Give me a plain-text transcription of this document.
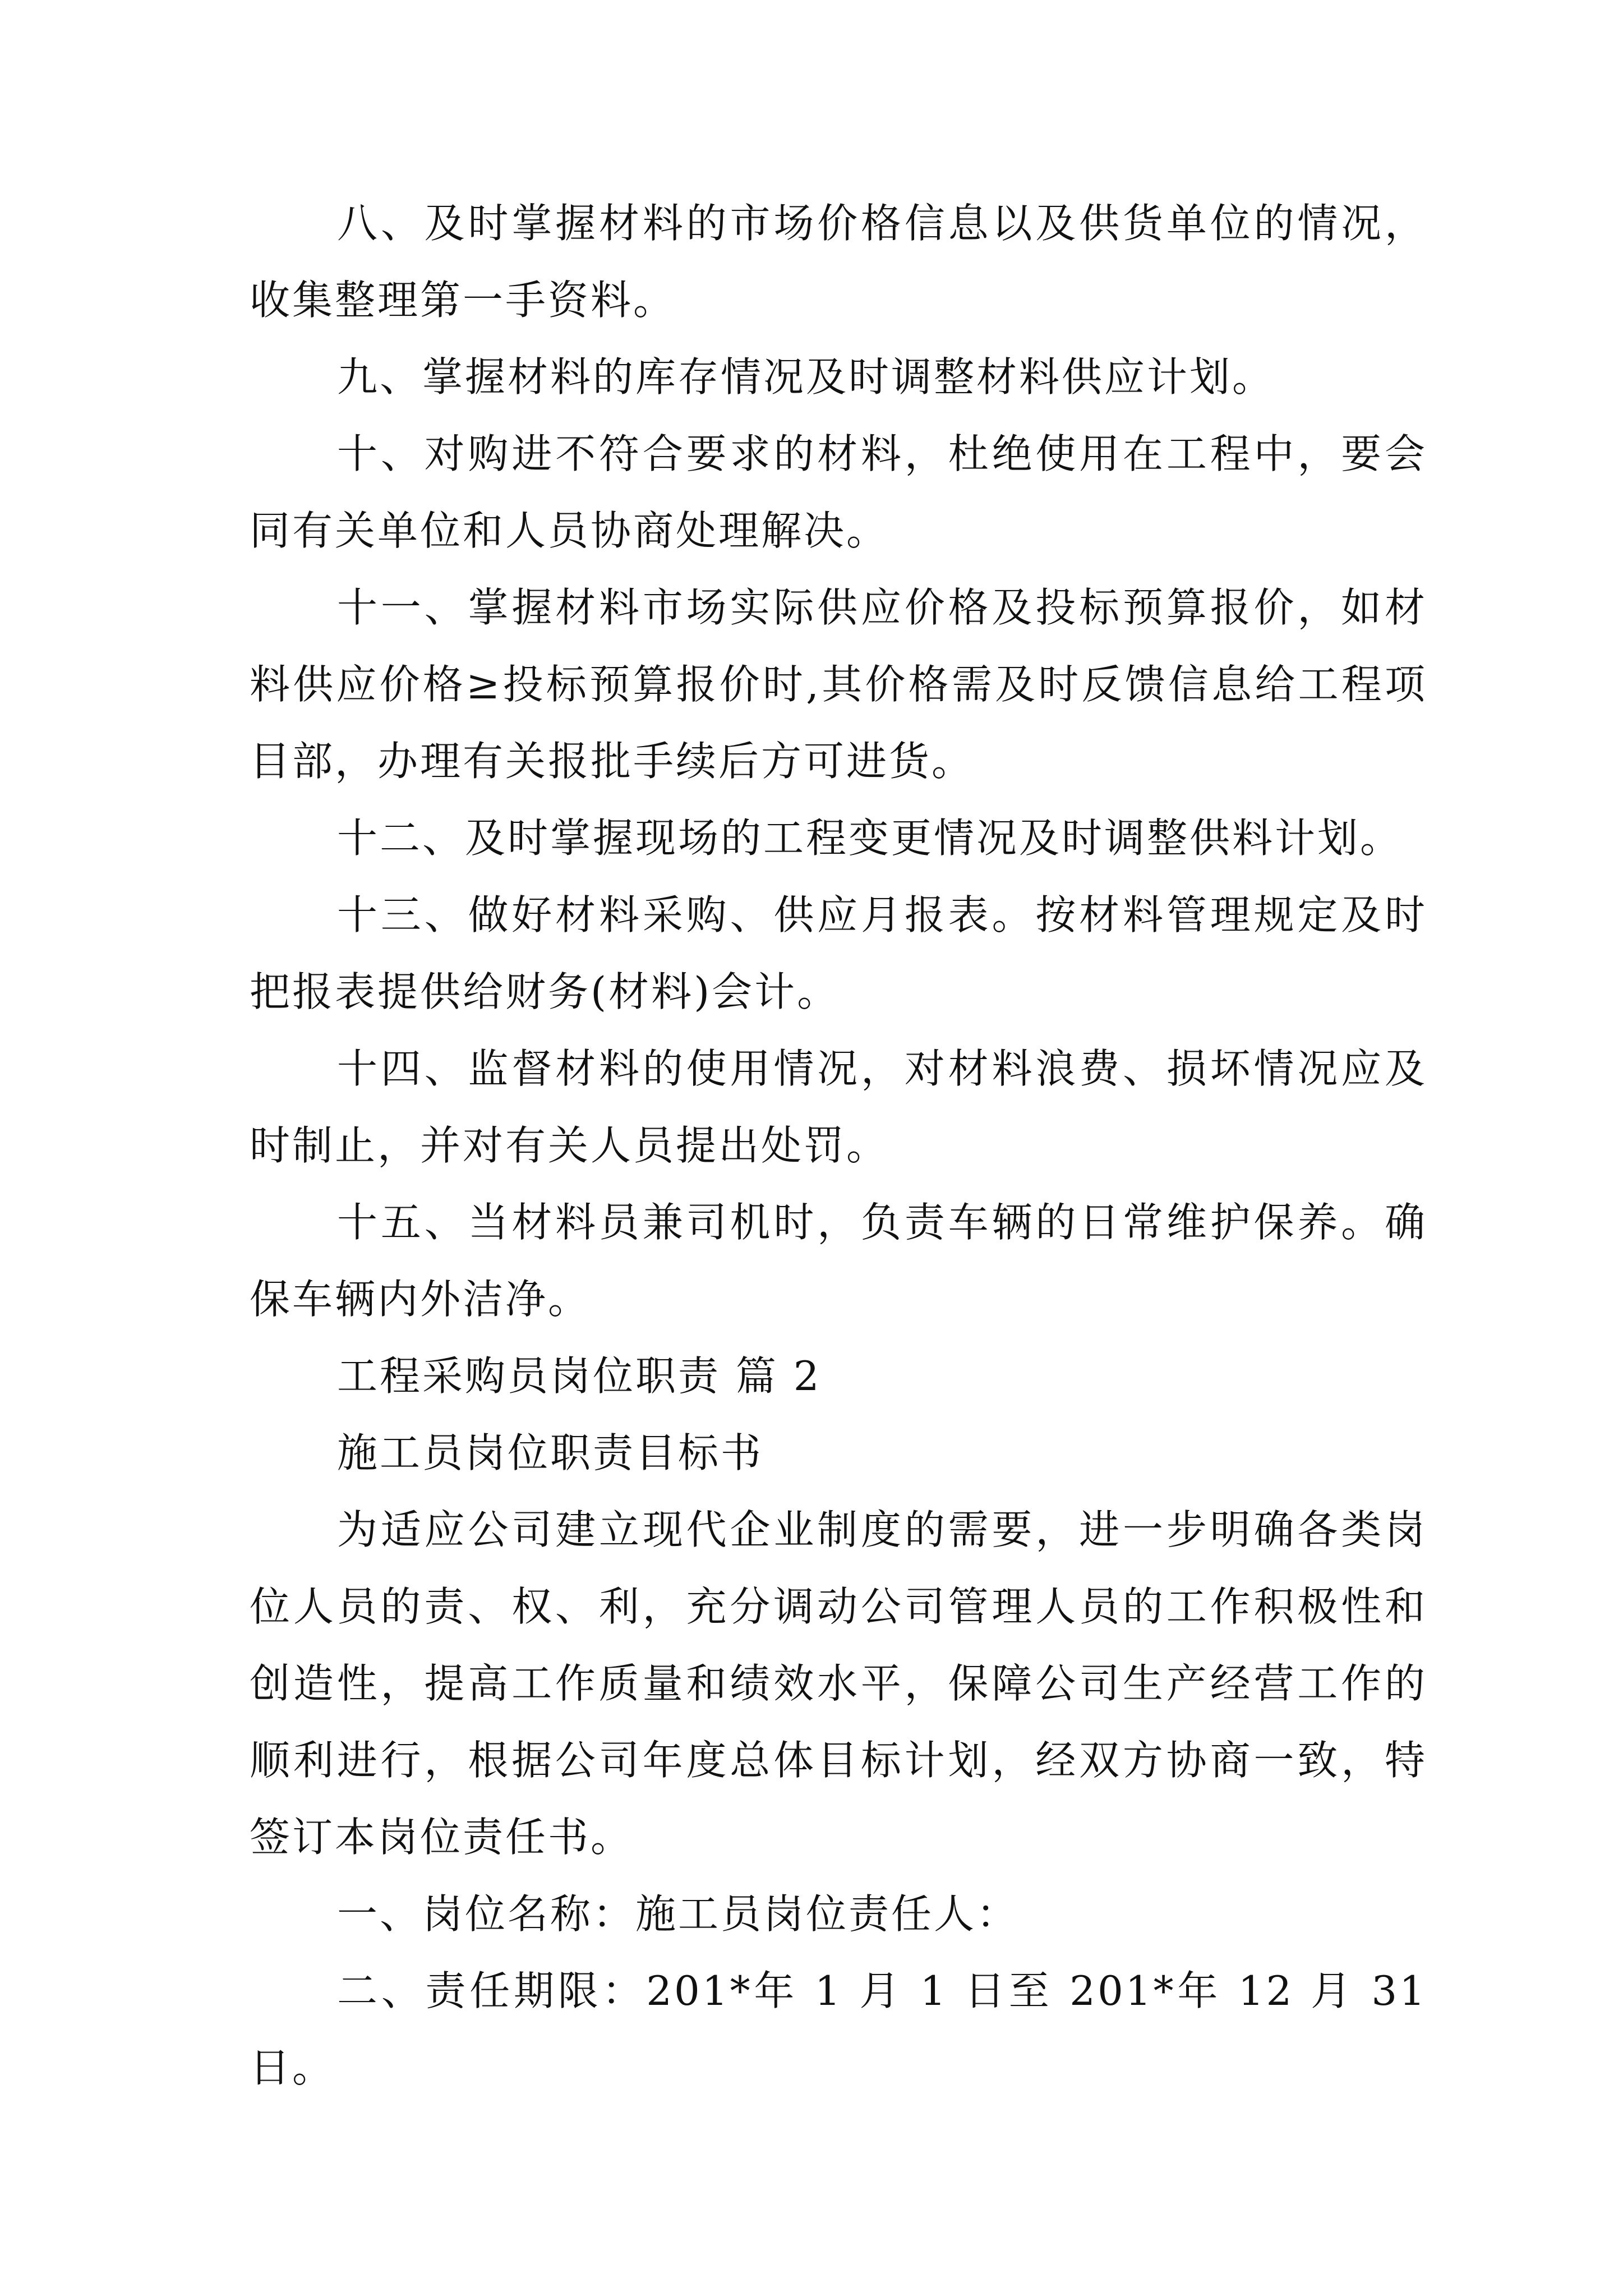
八、及时掌握材料的市场价格信息以及供货单位的情况，收集整理第一手资料。

九、掌握材料的库存情况及时调整材料供应计划。

十、对购进不符合要求的材料，杜绝使用在工程中，要会同有关单位和人员协商处理解决。

十一、掌握材料市场实际供应价格及投标预算报价，如材料供应价格≥投标预算报价时,其价格需及时反馈信息给工程项目部，办理有关报批手续后方可进货。

十二、及时掌握现场的工程变更情况及时调整供料计划。

十三、做好材料采购、供应月报表。按材料管理规定及时把报表提供给财务(材料)会计。

十四、监督材料的使用情况，对材料浪费、损坏情况应及时制止，并对有关人员提出处罚。

十五、当材料员兼司机时，负责车辆的日常维护保养。确保车辆内外洁净。

工程采购员岗位职责 篇 2

施工员岗位职责目标书

为适应公司建立现代企业制度的需要，进一步明确各类岗位人员的责、权、利，充分调动公司管理人员的工作积极性和创造性，提高工作质量和绩效水平，保障公司生产经营工作的顺利进行，根据公司年度总体目标计划，经双方协商一致，特签订本岗位责任书。

一、岗位名称：施工员岗位责任人：

二、责任期限：201*年 1 月 1 日至 201*年 12 月 31 日。
